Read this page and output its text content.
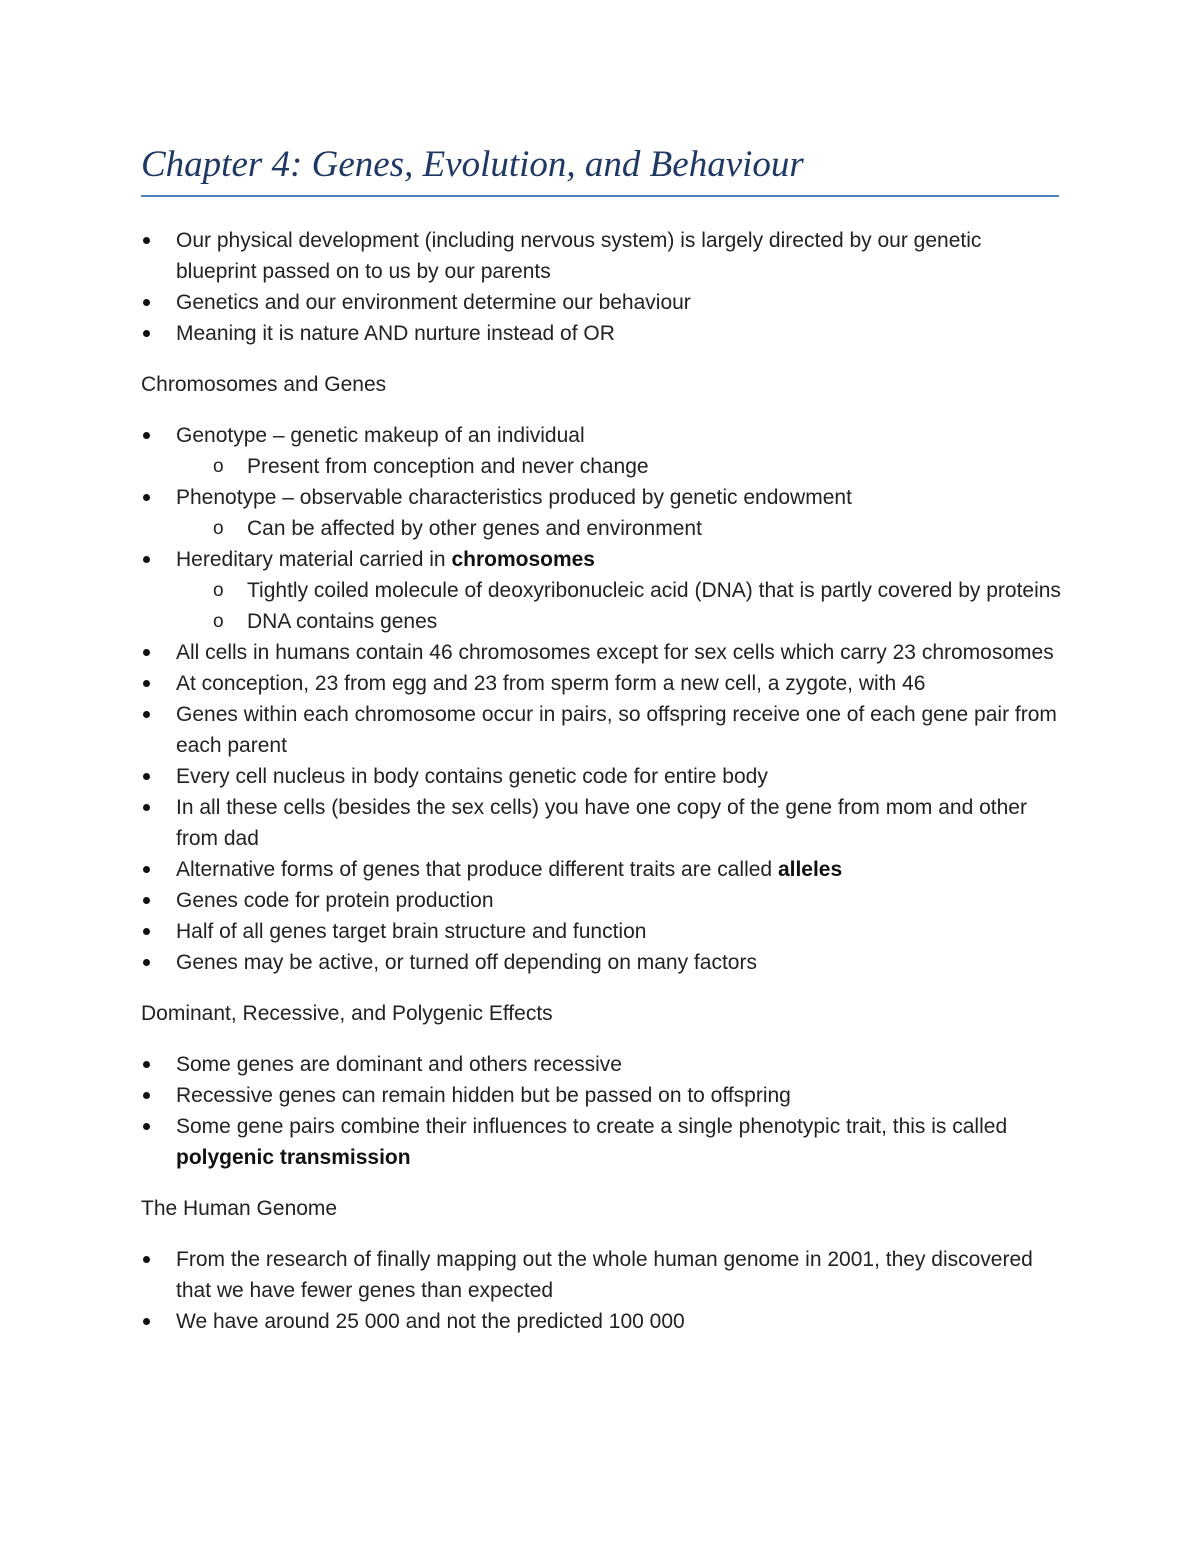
Chapter 4: Genes, Evolution, and Behaviour
Our physical development (including nervous system) is largely directed by our genetic blueprint passed on to us by our parents
Genetics and our environment determine our behaviour
Meaning it is nature AND nurture instead of OR
Chromosomes and Genes
Genotype – genetic makeup of an individual
o Present from conception and never change
Phenotype – observable characteristics produced by genetic endowment
o Can be affected by other genes and environment
Hereditary material carried in chromosomes
o Tightly coiled molecule of deoxyribonucleic acid (DNA) that is partly covered by proteins
o DNA contains genes
All cells in humans contain 46 chromosomes except for sex cells which carry 23 chromosomes
At conception, 23 from egg and 23 from sperm form a new cell, a zygote, with 46
Genes within each chromosome occur in pairs, so offspring receive one of each gene pair from each parent
Every cell nucleus in body contains genetic code for entire body
In all these cells (besides the sex cells) you have one copy of the gene from mom and other from dad
Alternative forms of genes that produce different traits are called alleles
Genes code for protein production
Half of all genes target brain structure and function
Genes may be active, or turned off depending on many factors
Dominant, Recessive, and Polygenic Effects
Some genes are dominant and others recessive
Recessive genes can remain hidden but be passed on to offspring
Some gene pairs combine their influences to create a single phenotypic trait, this is called polygenic transmission
The Human Genome
From the research of finally mapping out the whole human genome in 2001, they discovered that we have fewer genes than expected
We have around 25 000 and not the predicted 100 000
